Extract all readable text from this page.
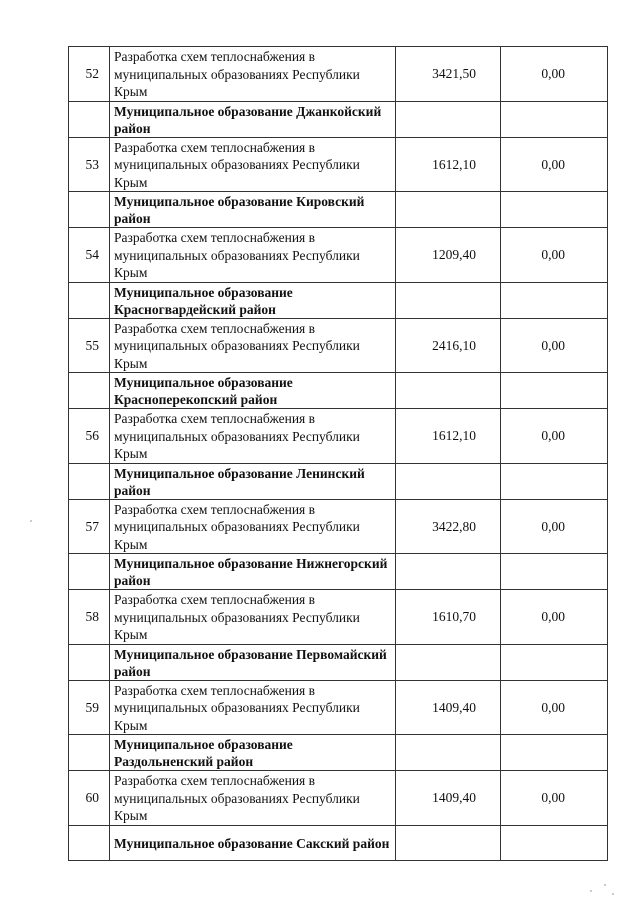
52	Разработка схем теплоснабжения в муниципальных образованиях Республики Крым	3421,50	0,00
	Муниципальное образование Джанкойский район		
53	Разработка схем теплоснабжения в муниципальных образованиях Республики Крым	1612,10	0,00
	Муниципальное образование Кировский район		
54	Разработка схем теплоснабжения в муниципальных образованиях Республики Крым	1209,40	0,00
	Муниципальное образование Красногвардейский район		
55	Разработка схем теплоснабжения в муниципальных образованиях Республики Крым	2416,10	0,00
	Муниципальное образование Красноперекопский район		
56	Разработка схем теплоснабжения в муниципальных образованиях Республики Крым	1612,10	0,00
	Муниципальное образование Ленинский район		
57	Разработка схем теплоснабжения в муниципальных образованиях Республики Крым	3422,80	0,00
	Муниципальное образование Нижнегорский район		
58	Разработка схем теплоснабжения в муниципальных образованиях Республики Крым	1610,70	0,00
	Муниципальное образование Первомайский район		
59	Разработка схем теплоснабжения в муниципальных образованиях Республики Крым	1409,40	0,00
	Муниципальное образование Раздольненский район		
60	Разработка схем теплоснабжения в муниципальных образованиях Республики Крым	1409,40	0,00
	Муниципальное образование Сакский район		
